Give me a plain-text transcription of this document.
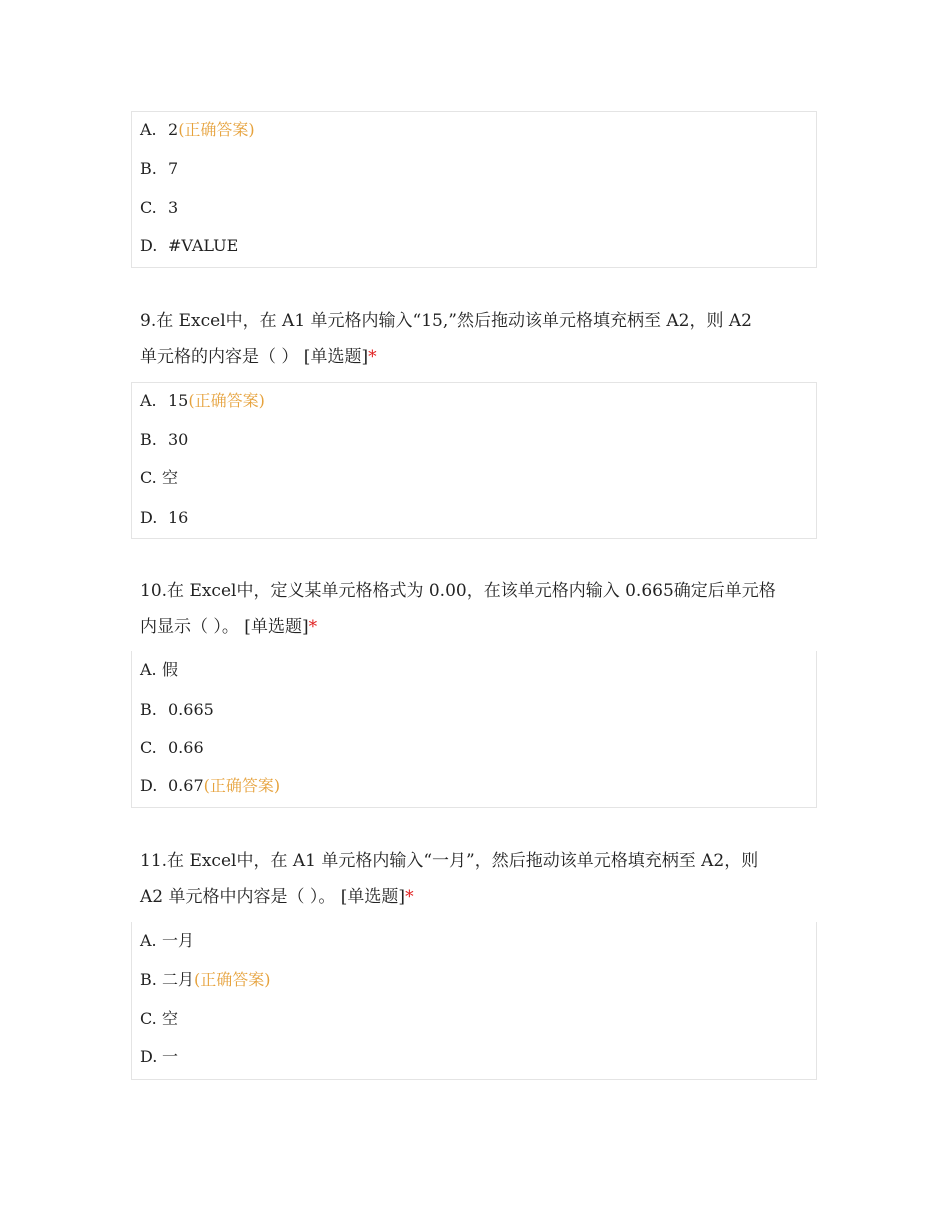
A. 2(正确答案)
B. 7
C. 3
D. #VALUE
9.在 Excel中，在 A1 单元格内输入“15,”然后拖动该单元格填充柄至 A2，则 A2
单元格的内容是（ ） [单选题]*
A. 15(正确答案)
B. 30
C. 空
D. 16
10.在 Excel中，定义某单元格格式为 0.00，在该单元格内输入 0.665确定后单元格
内显示（ ）。 [单选题]*
A. 假
B. 0.665
C. 0.66
D. 0.67(正确答案)
11.在 Excel中，在 A1 单元格内输入“一月”，然后拖动该单元格填充柄至 A2，则
A2 单元格中内容是（ ）。 [单选题]*
A. 一月
B. 二月(正确答案)
C. 空
D. 一
